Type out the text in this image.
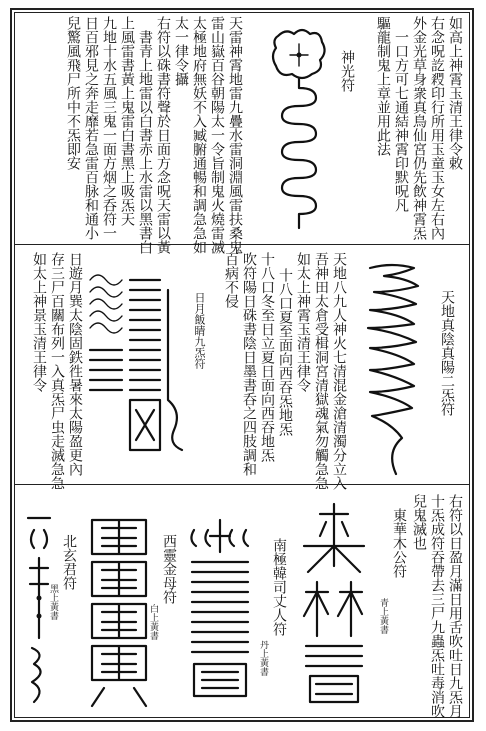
如高上神霄玉清王律令敕
右念呪訖𠮁印行所用玉童玉女左右內
外金光草身衆真鳥仙宮仍先飲神霄炁
一口方可七通結神霄印默呪凡
驅龍制鬼上章並用此法
神光符
天雷神霄地雷九疊水雷洞淵風雷扶桑鬼
雷山嶽百谷朝陽太一令旨制鬼火燒雷㓕
太極地府無妖不入臧腑通暢和調急急如
太一律令攝
右符以硃書符聲於日面方念呪天雷以黃
書青上地雷以白書赤上水雷以黑書白
上風雷書黃上鬼雷白書黑上吸炁天
九地十水五風三鬼一面方烟之呑符一
日百邪見之奔走靡若急雷百脉和通小
兒驚風飛尸所中不炁即安
天地真陰真陽二炁符
天地八九人神火七清混金滄清濁分立入
吾神田太倉受楫洞宮清獄魂氣勿觸急急
如太上神霄玉清王律令
十八口夏至面向西吞炁地炁
十八口冬至日立夏日面向西吞地炁
吹符陽日硃書陰日墨書呑之四肢調和
百病不侵
日月飯睛九炁符
日遊月巽太陰固鉄徃暑來太陽盈更內
存三尸百關布列一入真炁尸虫走滅急急
如太上神景玉清王律令
右符以日盈月滿日用舌吹吐日九炁月
十炁成符吞帶去三尸九蟲炁吐毒消吹
兒鬼滅也
東華木公符
青上黃書
南極韓司丈人符
丹上黃書
西靈金母符
白上黃書
北玄君符
黑上黃書
